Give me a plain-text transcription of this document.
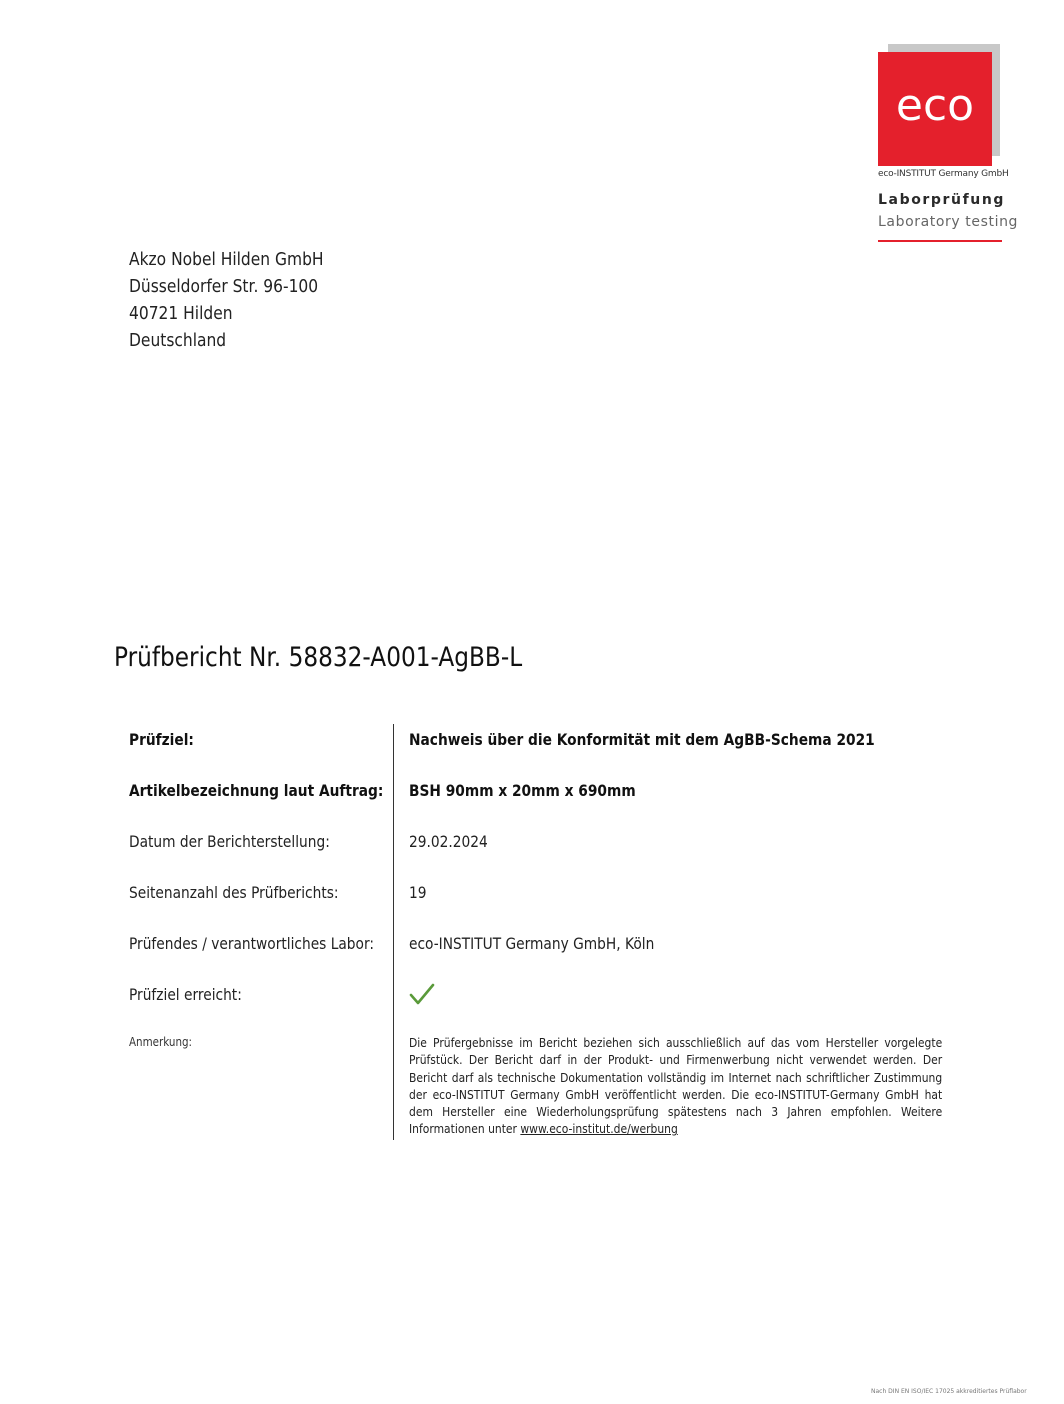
eco
eco-INSTITUT Germany GmbH
Laborprüfung
Laboratory testing
Akzo Nobel Hilden GmbH
Düsseldorfer Str. 96-100
40721 Hilden
Deutschland
Prüfbericht Nr. 58832-A001-AgBB-L
Prüfziel:	Nachweis über die Konformität mit dem AgBB-Schema 2021
Artikelbezeichnung laut Auftrag: BSH 90mm x 20mm x 690mm
Datum der Berichterstellung:	29.02.2024
Seitenanzahl des Prüfberichts:	19
Prüfendes / verantwortliches Labor: eco-INSTITUT Germany GmbH, Köln
Prüfziel erreicht:
Anmerkung:	Die Prüfergebnisse im Bericht beziehen sich ausschließlich auf das vom Hersteller vorgelegte Prüfstück. Der Bericht darf in der Produkt- und Firmenwerbung nicht verwendet werden. Der Bericht darf als technische Dokumentation vollständig im Internet nach schriftlicher Zustimmung der eco-INSTITUT Germany GmbH veröffentlicht werden. Die eco-INSTITUT-Germany GmbH hat dem Hersteller eine Wiederholungsprüfung spätestens nach 3 Jahren empfohlen. Weitere Informationen unter www.eco-institut.de/werbung
Nach DIN EN ISO/IEC 17025 akkreditiertes Prüflabor
